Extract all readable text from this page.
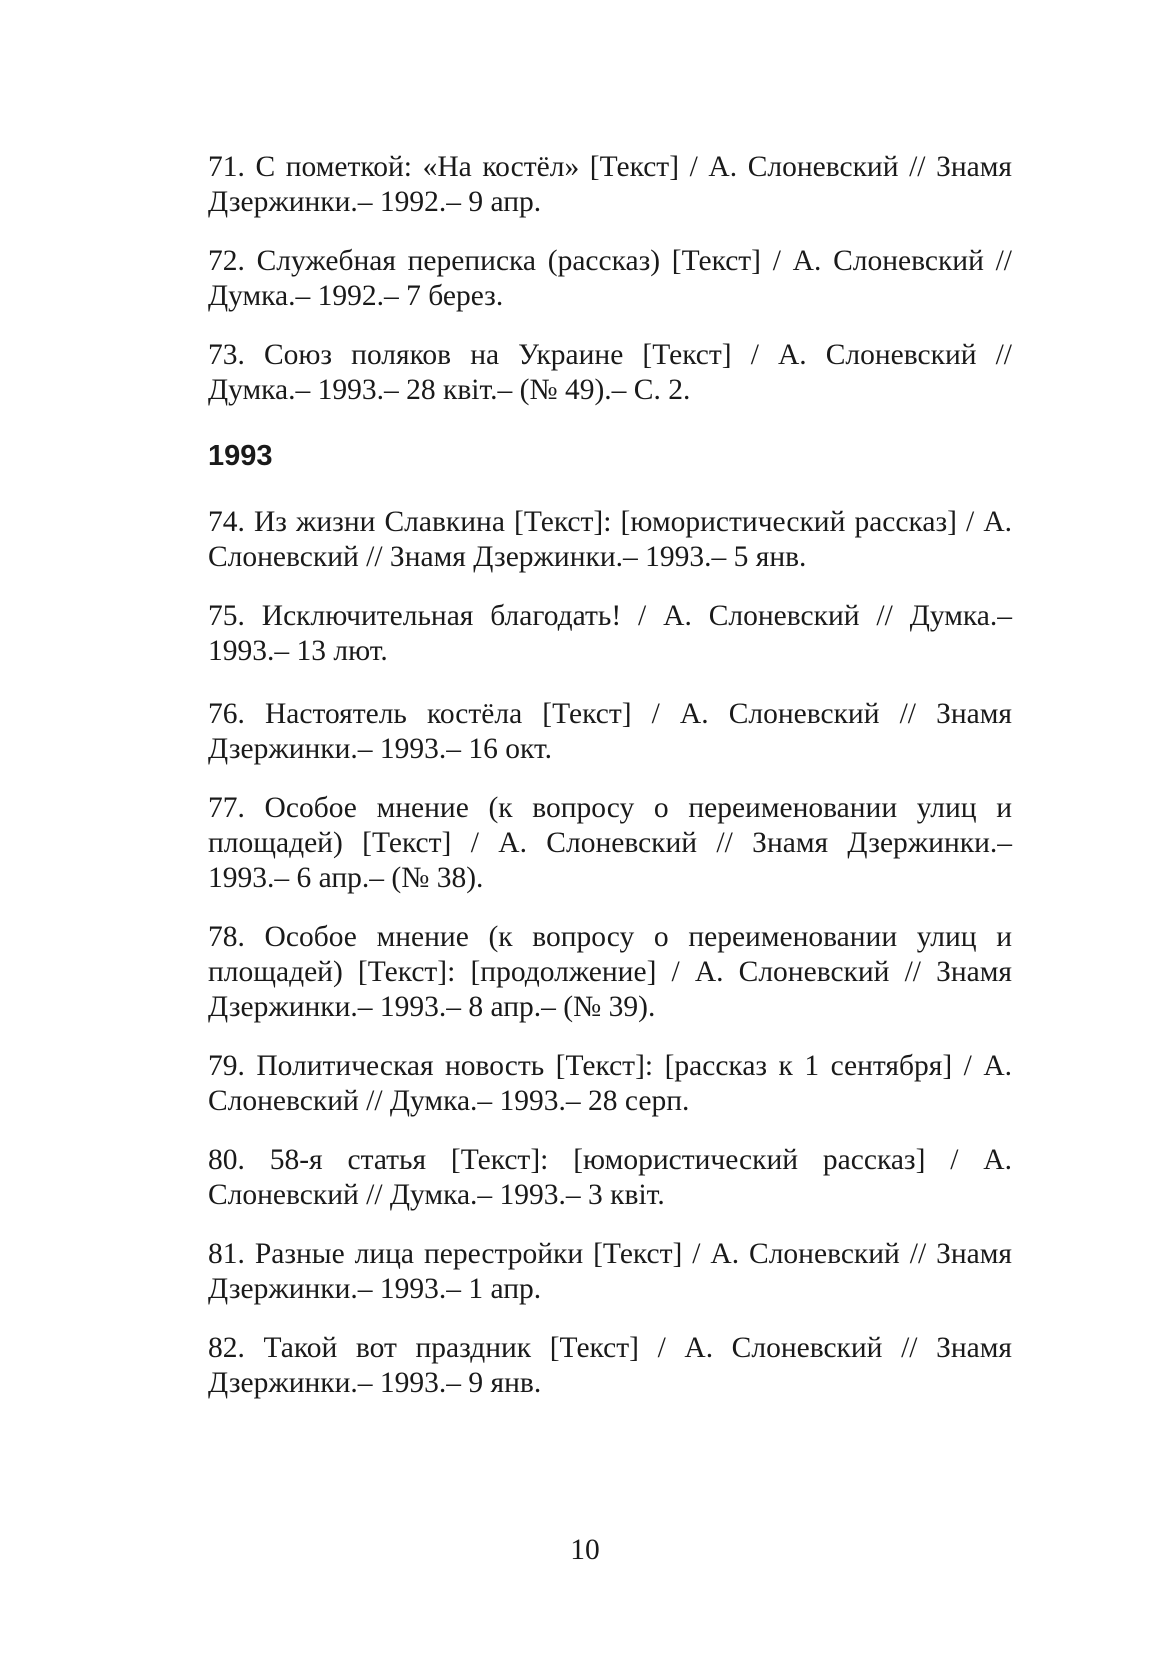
71. С пометкой: «На костёл» [Текст] / А. Слоневский // Знамя Дзержинки.– 1992.– 9 апр.

72. Служебная переписка (рассказ) [Текст] / А. Слоневский // Думка.– 1992.– 7 берез.

73. Союз поляков на Украине [Текст] / А. Слоневский // Думка.– 1993.– 28 квіт.– (№ 49).– С. 2.

1993

74. Из жизни Славкина [Текст]: [юмористический рассказ] / А. Слоневский // Знамя Дзержинки.– 1993.– 5 янв.

75. Исключительная благодать! / А. Слоневский // Думка.– 1993.– 13 лют.

76. Настоятель костёла [Текст] / А. Слоневский // Знамя Дзержинки.– 1993.– 16 окт.

77. Особое мнение (к вопросу о переименовании улиц и площадей) [Текст] / А. Слоневский // Знамя Дзержинки.– 1993.– 6 апр.– (№ 38).

78. Особое мнение (к вопросу о переименовании улиц и площадей) [Текст]: [продолжение] / А. Слоневский // Знамя Дзержинки.– 1993.– 8 апр.– (№ 39).

79. Политическая новость [Текст]: [рассказ к 1 сентября] / А. Слоневский // Думка.– 1993.– 28 серп.

80. 58-я статья [Текст]: [юмористический рассказ] / А. Слоневский // Думка.– 1993.– 3 квіт.

81. Разные лица перестройки [Текст] / А. Слоневский // Знамя Дзержинки.– 1993.– 1 апр.

82. Такой вот праздник [Текст] / А. Слоневский // Знамя Дзержинки.– 1993.– 9 янв.

10
